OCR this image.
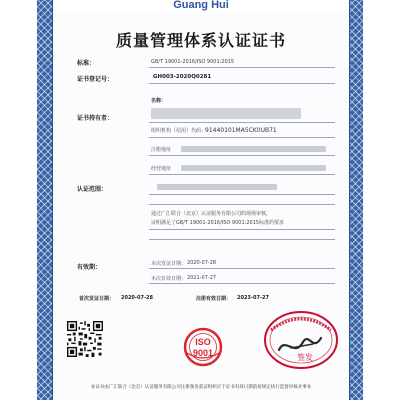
Guang Hui
质量管理体系认证证书
标准：	GB/T 19001-2016/ISO 9001:2015
证书登记号：	GH003-2020Q0281
证书持有者：
名称：
组织机构（信用）代码：
91440101MA5CK0UB71
注册地址
经营地址
认证范围：
通过广汇联合（北京）认证服务有限公司的现场审核，
证明满足了GB/T 19001-2016/ISO 9001:2015标准的要求
有效期：	本次发证日期： 2020-07-28
本次有效日期： 2021-07-27
首次发证日期： 2020-07-28	注册有效日期： 2023-07-27
ISO
9001	签发
本证书由广汇联合（北京）认证服务有限公司注册颁发获证组织应于证书有效日期前按规定执行监督审核并事本
